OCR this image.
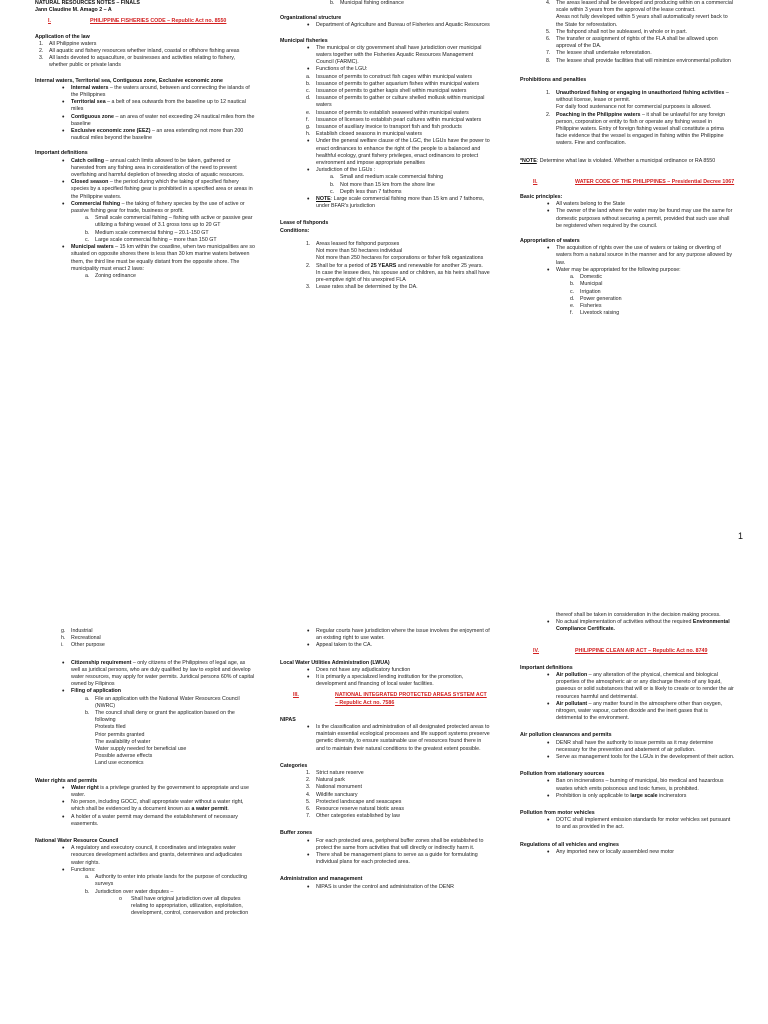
NATURAL RESOURCES NOTES – FINALS
Jann Claudine M. Amago 2 – A
I.	PHILIPPINE FISHERIES CODE – Republic Act no. 8550
Application of the law
1.	All Philippine waters
2.	All aquatic and fishery resources whether inland, coastal or offshore fishing areas
3.	All lands devoted to aquaculture, or businesses and activities relating to fishery, whether public or private lands
Internal waters, Territorial sea, Contiguous zone, Exclusive economic zone
• Internal waters – the waters around, between and connecting the islands of the Philippines
• Territorial sea – a belt of sea outwards from the baseline up to 12 nautical miles
• Contiguous zone – an area of water not exceeding 24 nautical miles from the baseline
• Exclusive economic zone (EEZ) – an area extending not more than 200 nautical miles beyond the baseline
Important definitions
• Catch ceiling – annual catch limits allowed to be taken, gathered or harvested from any fishing area in consideration of the need to prevent overfishing and harmful depletion of breeding stocks of aquatic resources.
• Closed season – the period during which the taking of specified fishery species by a specified fishing gear is prohibited in a specified area or areas in the Philippine waters.
• Commercial fishing – the taking of fishery species by the use of active or passive fishing gear for trade, business or profit.
a.	Small scale commercial fishing – fishing with active or passive gear utilizing a fishing vessel of 3.1 gross tons up to 20 GT
b.	Medium scale commercial fishing – 20.1-150 GT
c.	Large scale commercial fishing – more than 150 GT
• Municipal waters – 15 km within the coastline, when two municipalities are so situated on opposite shores there is less than 30 km marine waters between them, the third line must be equally distant from the opposite shore. The municipality must enact 2 laws:
a.	Zoning ordinance
b.	Municipal fishing ordinance
Organizational structure
• Department of Agriculture and Bureau of Fisheries and Aquatic Resources
Municipal fisheries
• The municipal or city government shall have jurisdiction over municipal waters together with the Fisheries Aquatic Resources Management Council (FARMC).
• Functions of the LGU:
a.	Issuance of permits to construct fish cages within municipal waters
b.	Issuance of permits to gather aquarium fishes within municipal waters
c.	Issuance of permits to gather kapis shell within municipal waters
d.	Issuance of permits to gather or culture shelled mollusk within municipal waters
e.	Issuance of permits to establish seaweed within municipal waters
f.	Issuance of licenses to establish pearl cultures within municipal waters
g.	Issuance of auxiliary invoice to transport fish and fish products
h.	Establish closed seasons in municipal waters
• Under the general welfare clause of the LGC, the LGUs have the power to enact ordinances to enhance the right of the people to a balanced and healthful ecology, grant fishery privileges, enact ordinances to protect environment and impose appropriate penalties
• Jurisdiction of the LGUs :
a.	Small and medium scale commercial fishing
b.	Not more than 15 km from the shore line
c.	Depth less than 7 fathoms
• NOTE: Large scale commercial fishing more than 15 km and 7 fathoms, under BFAR's jurisdiction
Lease of fishponds
Conditions:
1.	Areas leased for fishpond purposes
Not more than 50 hectares individual
Not more than 250 hectares for corporations or fisher folk organizations
2.	Shall be for a period of 25 YEARS and renewable for another 25 years.
In case the lessee dies, his spouse and or children, as his heirs shall have pre-emptive right of his unexpired FLA
3.	Lease rates shall be determined by the DA.
4.	The areas leased shall be developed and producing within on a commercial scale within 3 years from the approval of the lease contract.
Areas not fully developed within 5 years shall automatically revert back to the State for reforestation.
5.	The fishpond shall not be subleased, in whole or in part.
6.	The transfer or assignment of rights of the FLA shall be allowed upon approval of the DA.
7.	The lessee shall undertake reforestation.
8.	The lessee shall provide facilities that will minimize environmental pollution
Prohibitions and penalties
1.	Unauthorized fishing or engaging in unauthorized fishing activities – without license, lease or permit.
For daily food sustenance not for commercial purposes is allowed.
2.	Poaching in the Philippine waters – it shall be unlawful for any foreign person, corporation or entity to fish or operate any fishing vessel in Philippine waters. Entry of foreign fishing vessel shall constitute a prima facie evidence that the vessel is engaged in fishing within the Philippine waters. Fine and confiscation.
*NOTE: Determine what law is violated. Whether a municipal ordinance or RA 8550
II.	WATER CODE OF THE PHILIPPINES – Presidential Decree 1067
Basic principles:
• All waters belong to the State
• The owner of the land where the water may be found may use the same for domestic purposes without securing a permit, provided that such use shall be registered when required by the council.
Appropriation of waters
• The acquisition of rights over the use of waters or taking or diverting of waters from a natural source in the manner and for any purpose allowed by law.
• Water may be appropriated for the following purpose:
a.	Domestic
b.	Municipal
c.	Irrigation
d.	Power generation
e.	Fisheries
f.	Livestock raising
1
g.	Industrial
h.	Recreational
i.	Other purpose
• Citizenship requirement – only citizens of the Philippines of legal age, as well as juridical persons, who are duly qualified by law to exploit and develop water resources, may apply for water permits. Juridical persons 60% of capital owned by Filipinos
• Filing of application
a.	File an application with the National Water Resources Council (NWRC)
b.	The council shall deny or grant the application based on the following
Protests filed
Prior permits granted
The availability of water
Water supply needed for beneficial use
Possible adverse effects
Land use economics
Water rights and permits
• Water right is a privilege granted by the government to appropriate and use water.
• No person, including GOCC, shall appropriate water without a water right, which shall be evidenced by a document known as a water permit.
• A holder of a water permit may demand the establishment of necessary easements.
National Water Resource Council
• A regulatory and executory council, it coordinates and integrates water resources development activities and grants, determines and adjudicates water rights.
• Functions:
a.	Authority to enter into private lands for the purpose of conducting surveys
b.	Jurisdiction over water disputes –
o	Shall have original jurisdiction over all disputes relating to appropriation, utilization, exploitation, development, control, conservation and protection
• Regular courts have jurisdiction where the issue involves the enjoyment of an existing right to use water.
• Appeal taken to the CA.
Local Water Utilities Administration (LWUA)
• Does not have any adjudicatory function
• It is primarily a specialized lending institution for the promotion, development and financing of local water facilities.
III.	NATIONAL INTEGRATED PROTECTED AREAS SYSTEM ACT – Republic Act no. 7586
NIPAS
• Is the classification and administration of all designated protected areas to maintain essential ecological processes and life support systems preserve genetic diversity, to ensure sustainable use of resources found there in and to maintain their natural conditions to the greatest extent possible.
Categories
1.	Strict nature reserve
2.	Natural park
3.	National monument
4.	Wildlife sanctuary
5.	Protected landscape and seascapes
6.	Resource reserve natural biotic areas
7.	Other categories established by law
Buffer zones
• For each protected area, peripheral buffer zones shall be established to protect the same from activities that will directly or indirectly harm it.
• There shall be management plans to serve as a guide for formulating individual plans for each protected area.
Administration and management
• NIPAS is under the control and administration of the DENR
thereof shall be taken in consideration in the decision making process.
• No actual implementation of activities without the required Environmental Compliance Certificate.
IV.	PHILIPPINE CLEAN AIR ACT – Republic Act no. 8749
Important definitions
• Air pollution – any alteration of the physical, chemical and biological properties of the atmospheric air or any discharge thereto of any liquid, gaseous or solid substances that will or is likely to create or to render the air resources harmful and detrimental.
• Air pollutant – any matter found in the atmosphere other than oxygen, nitrogen, water vapour, carbon dioxide and the inert gases that is detrimental to the environment.
Air pollution clearances and permits
• DENR shall have the authority to issue permits as it may determine necessary for the prevention and abatement of air pollution.
• Serve as management tools for the LGUs in the development of their action.
Pollution from stationary sources
• Ban on incinerations – burning of municipal, bio medical and hazardous wastes which emits poisonous and toxic fumes, is prohibited.
• Prohibition is only applicable to large scale incinerators
Pollution from motor vehicles
• DOTC shall implement emission standards for motor vehicles set pursuant to and as provided in the act.
Regulations of all vehicles and engines
• Any imported new or locally assembled new motor
